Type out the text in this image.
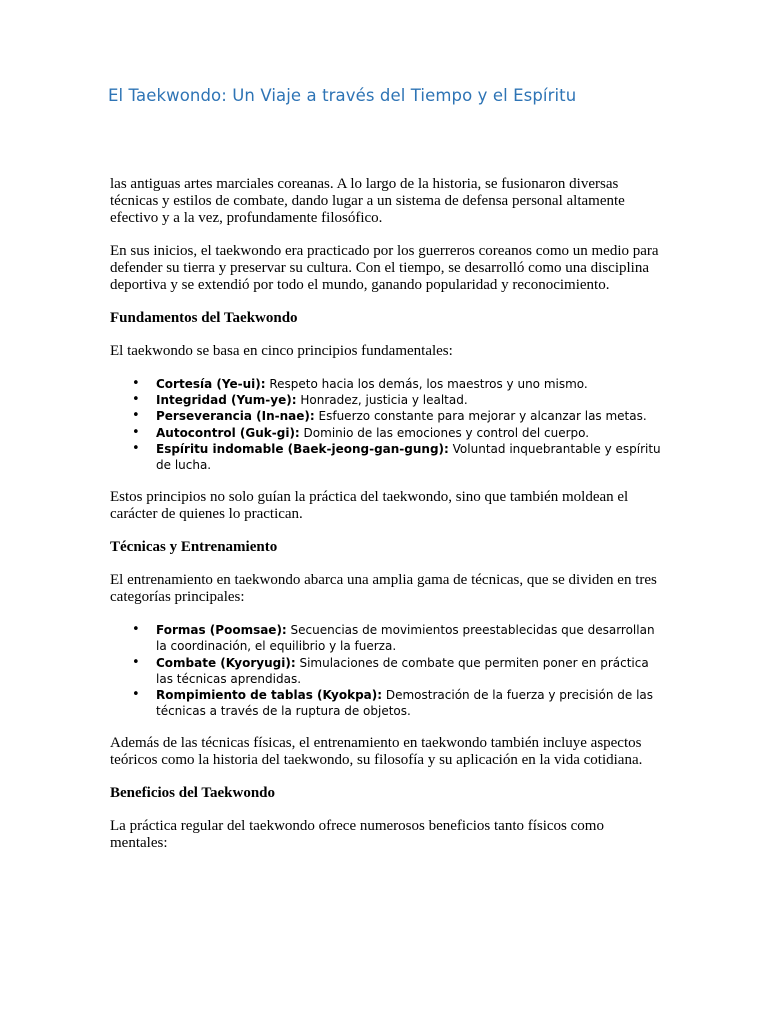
El Taekwondo: Un Viaje a través del Tiempo y el Espíritu

las antiguas artes marciales coreanas. A lo largo de la historia, se fusionaron diversas técnicas y estilos de combate, dando lugar a un sistema de defensa personal altamente efectivo y a la vez, profundamente filosófico.

En sus inicios, el taekwondo era practicado por los guerreros coreanos como un medio para defender su tierra y preservar su cultura. Con el tiempo, se desarrolló como una disciplina deportiva y se extendió por todo el mundo, ganando popularidad y reconocimiento.

Fundamentos del Taekwondo

El taekwondo se basa en cinco principios fundamentales:

• Cortesía (Ye-ui): Respeto hacia los demás, los maestros y uno mismo.
• Integridad (Yum-ye): Honradez, justicia y lealtad.
• Perseverancia (In-nae): Esfuerzo constante para mejorar y alcanzar las metas.
• Autocontrol (Guk-gi): Dominio de las emociones y control del cuerpo.
• Espíritu indomable (Baek-jeong-gan-gung): Voluntad inquebrantable y espíritu de lucha.

Estos principios no solo guían la práctica del taekwondo, sino que también moldean el carácter de quienes lo practican.

Técnicas y Entrenamiento

El entrenamiento en taekwondo abarca una amplia gama de técnicas, que se dividen en tres categorías principales:

• Formas (Poomsae): Secuencias de movimientos preestablecidas que desarrollan la coordinación, el equilibrio y la fuerza.
• Combate (Kyoryugi): Simulaciones de combate que permiten poner en práctica las técnicas aprendidas.
• Rompimiento de tablas (Kyokpa): Demostración de la fuerza y precisión de las técnicas a través de la ruptura de objetos.

Además de las técnicas físicas, el entrenamiento en taekwondo también incluye aspectos teóricos como la historia del taekwondo, su filosofía y su aplicación en la vida cotidiana.

Beneficios del Taekwondo

La práctica regular del taekwondo ofrece numerosos beneficios tanto físicos como mentales:
